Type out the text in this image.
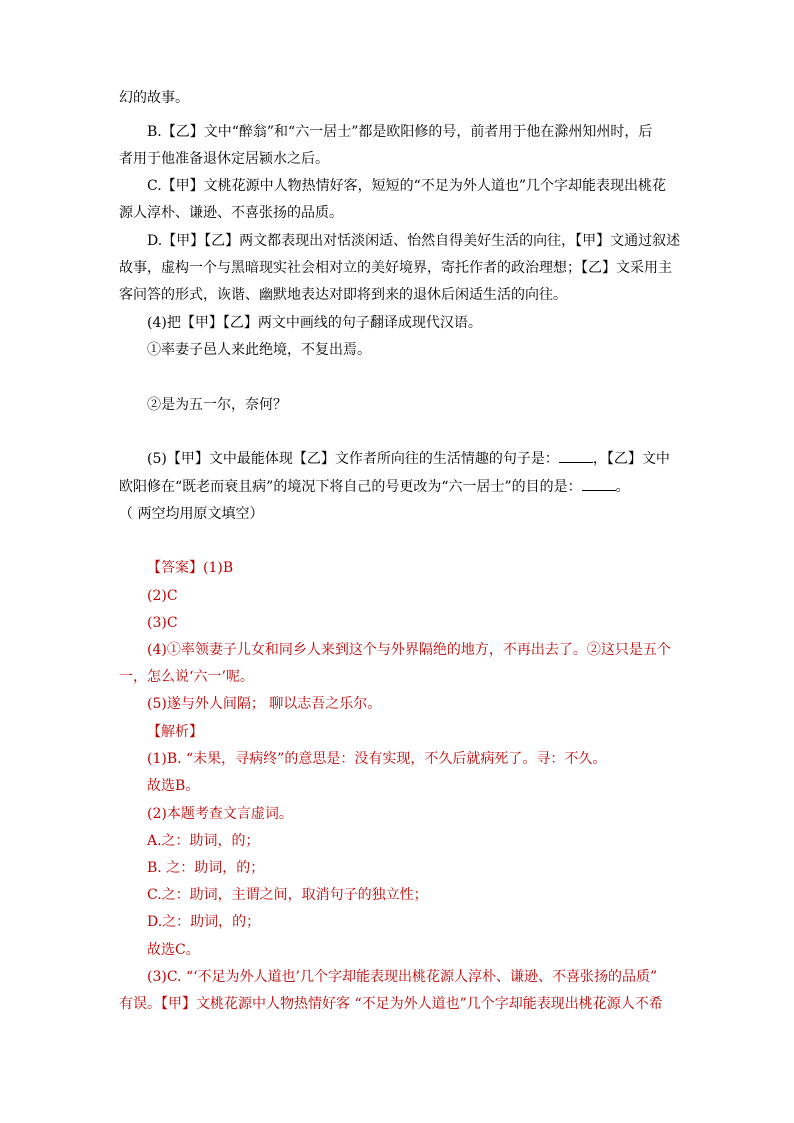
幻的故事。
B.【乙】文中“醉翁”和“六一居士”都是欧阳修的号，前者用于他在滁州知州时，后
者用于他准备退休定居颍水之后。
C.【甲】文桃花源中人物热情好客，短短的“不足为外人道也”几个字却能表现出桃花
源人淳朴、谦逊、不喜张扬的品质。
D.【甲】【乙】两文都表现出对恬淡闲适、怡然自得美好生活的向往，【甲】文通过叙述
故事，虚构一个与黑暗现实社会相对立的美好境界，寄托作者的政治理想；【乙】文采用主
客问答的形式，诙谐、幽默地表达对即将到来的退休后闲适生活的向往。
(4)把【甲】【乙】两文中画线的句子翻译成现代汉语。
①率妻子邑人来此绝境，不复出焉。
②是为五一尔，奈何？
(5)【甲】文中最能体现【乙】文作者所向往的生活情趣的句子是： ，【乙】文中
欧阳修在“既老而衰且病”的境况下将自己的号更改为“六一居士”的目的是： 。
（ 两空均用原文填空）
【答案】(1)B
(2)C
(3)C
(4)①率领妻子儿女和同乡人来到这个与外界隔绝的地方，不再出去了。②这只是五个
一，怎么说‘六一’呢。
(5)遂与外人间隔； 聊以志吾之乐尔。
【解析】
(1)B. “未果，寻病终”的意思是：没有实现，不久后就病死了。寻：不久。
故选B。
(2)本题考查文言虚词。
A.之：助词，的；
B. 之：助词，的；
C.之：助词，主谓之间，取消句子的独立性；
D.之：助词，的；
故选C。
(3)C. “‘不足为外人道也’几个字却能表现出桃花源人淳朴、谦逊、不喜张扬的品质”
有误。【甲】文桃花源中人物热情好客 “不足为外人道也”几个字却能表现出桃花源人不希
